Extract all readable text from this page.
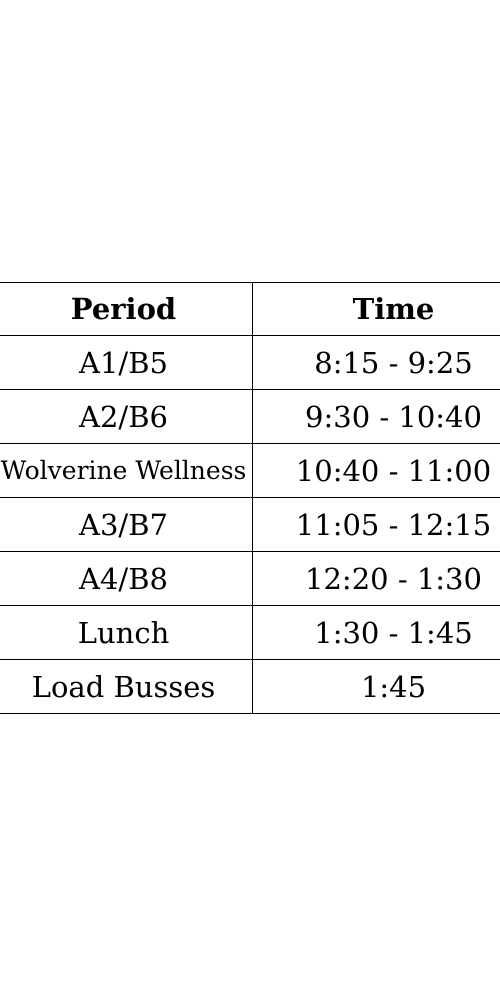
Period	Time
A1/B5	8:15 - 9:25
A2/B6	9:30 - 10:40
Wolverine Wellness	10:40 - 11:00
A3/B7	11:05 - 12:15
A4/B8	12:20 - 1:30
Lunch	1:30 - 1:45
Load Busses	1:45
